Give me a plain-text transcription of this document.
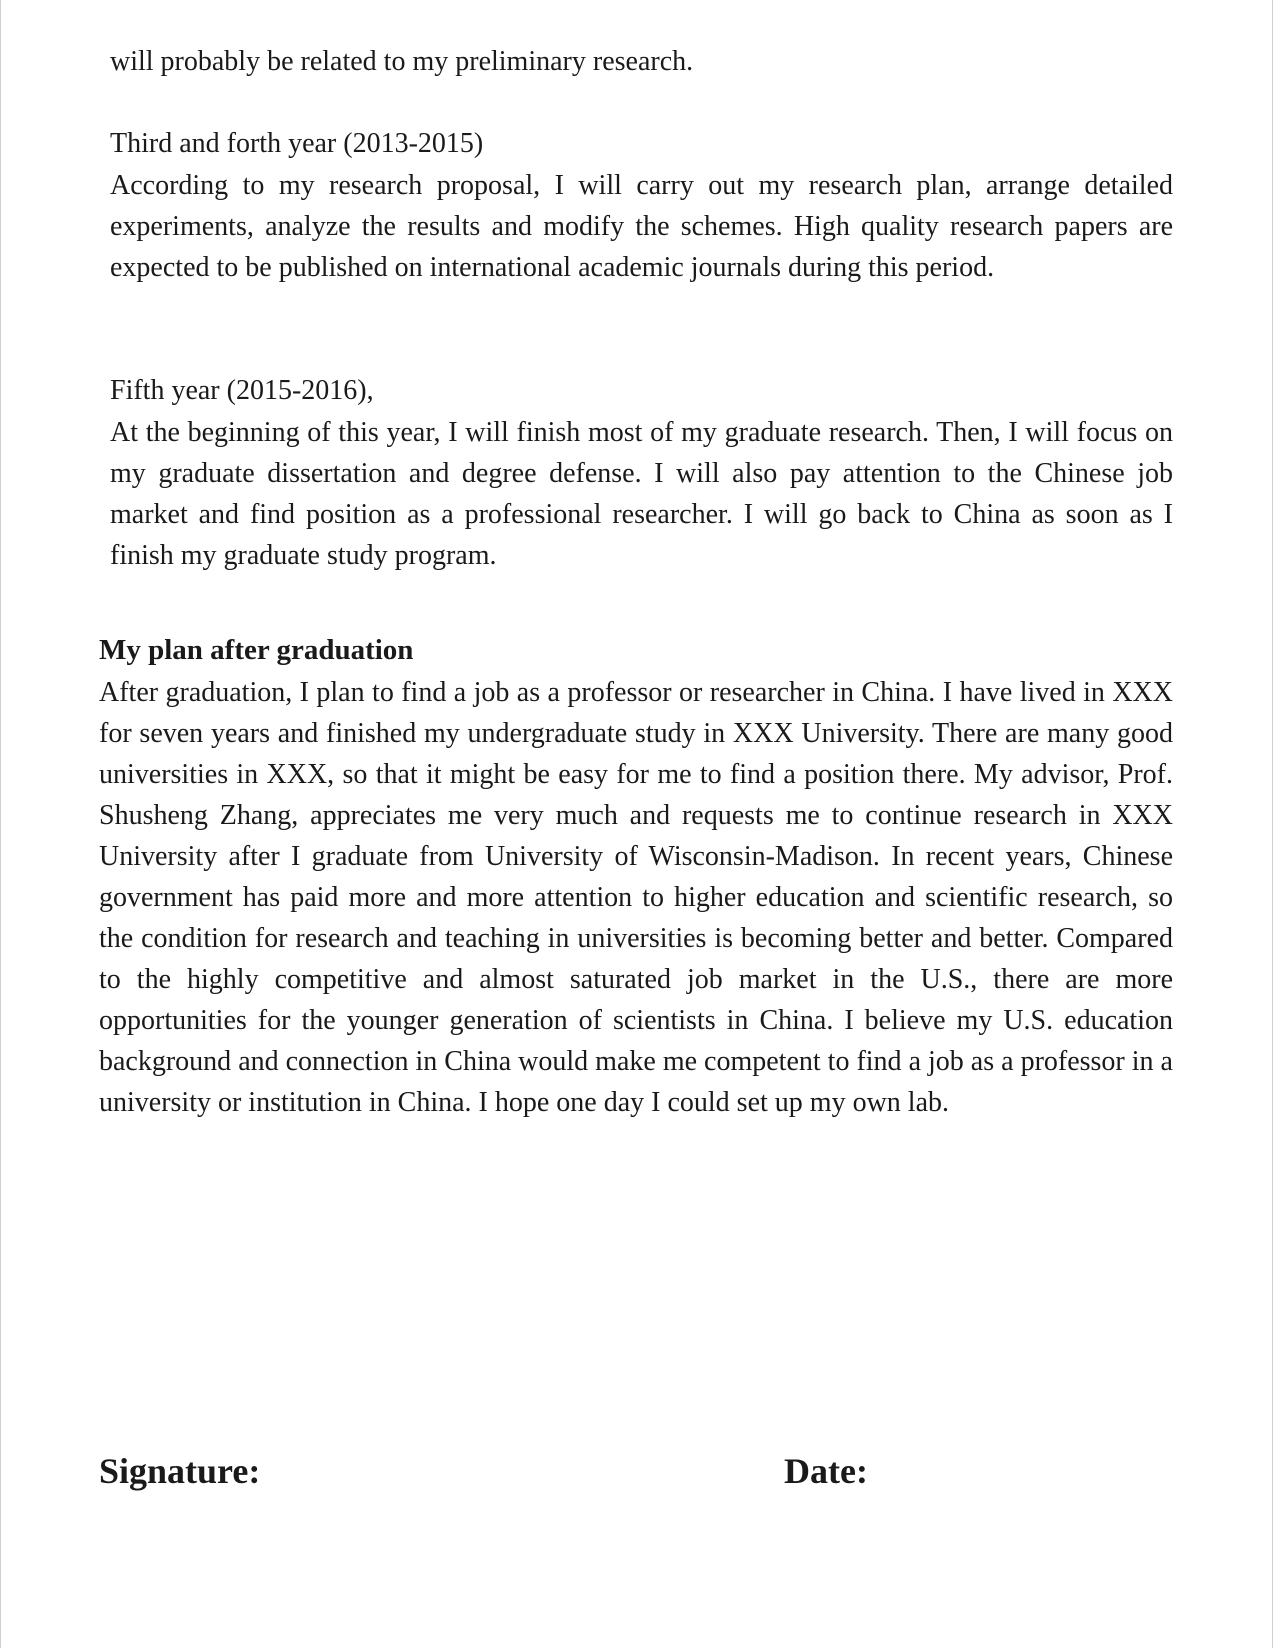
will probably be related to my preliminary research.

Third and forth year (2013-2015)

According to my research proposal, I will carry out my research plan, arrange detailed experiments, analyze the results and modify the schemes. High quality research papers are expected to be published on international academic journals during this period.

Fifth year (2015-2016),

At the beginning of this year, I will finish most of my graduate research. Then, I will focus on my graduate dissertation and degree defense. I will also pay attention to the Chinese job market and find position as a professional researcher. I will go back to China as soon as I finish my graduate study program.

My plan after graduation

After graduation, I plan to find a job as a professor or researcher in China. I have lived in XXX for seven years and finished my undergraduate study in XXX University. There are many good universities in XXX, so that it might be easy for me to find a position there. My advisor, Prof. Shusheng Zhang, appreciates me very much and requests me to continue research in XXX University after I graduate from University of Wisconsin-Madison. In recent years, Chinese government has paid more and more attention to higher education and scientific research, so the condition for research and teaching in universities is becoming better and better. Compared to the highly competitive and almost saturated job market in the U.S., there are more opportunities for the younger generation of scientists in China. I believe my U.S. education background and connection in China would make me competent to find a job as a professor in a university or institution in China. I hope one day I could set up my own lab.

Signature:	Date:
